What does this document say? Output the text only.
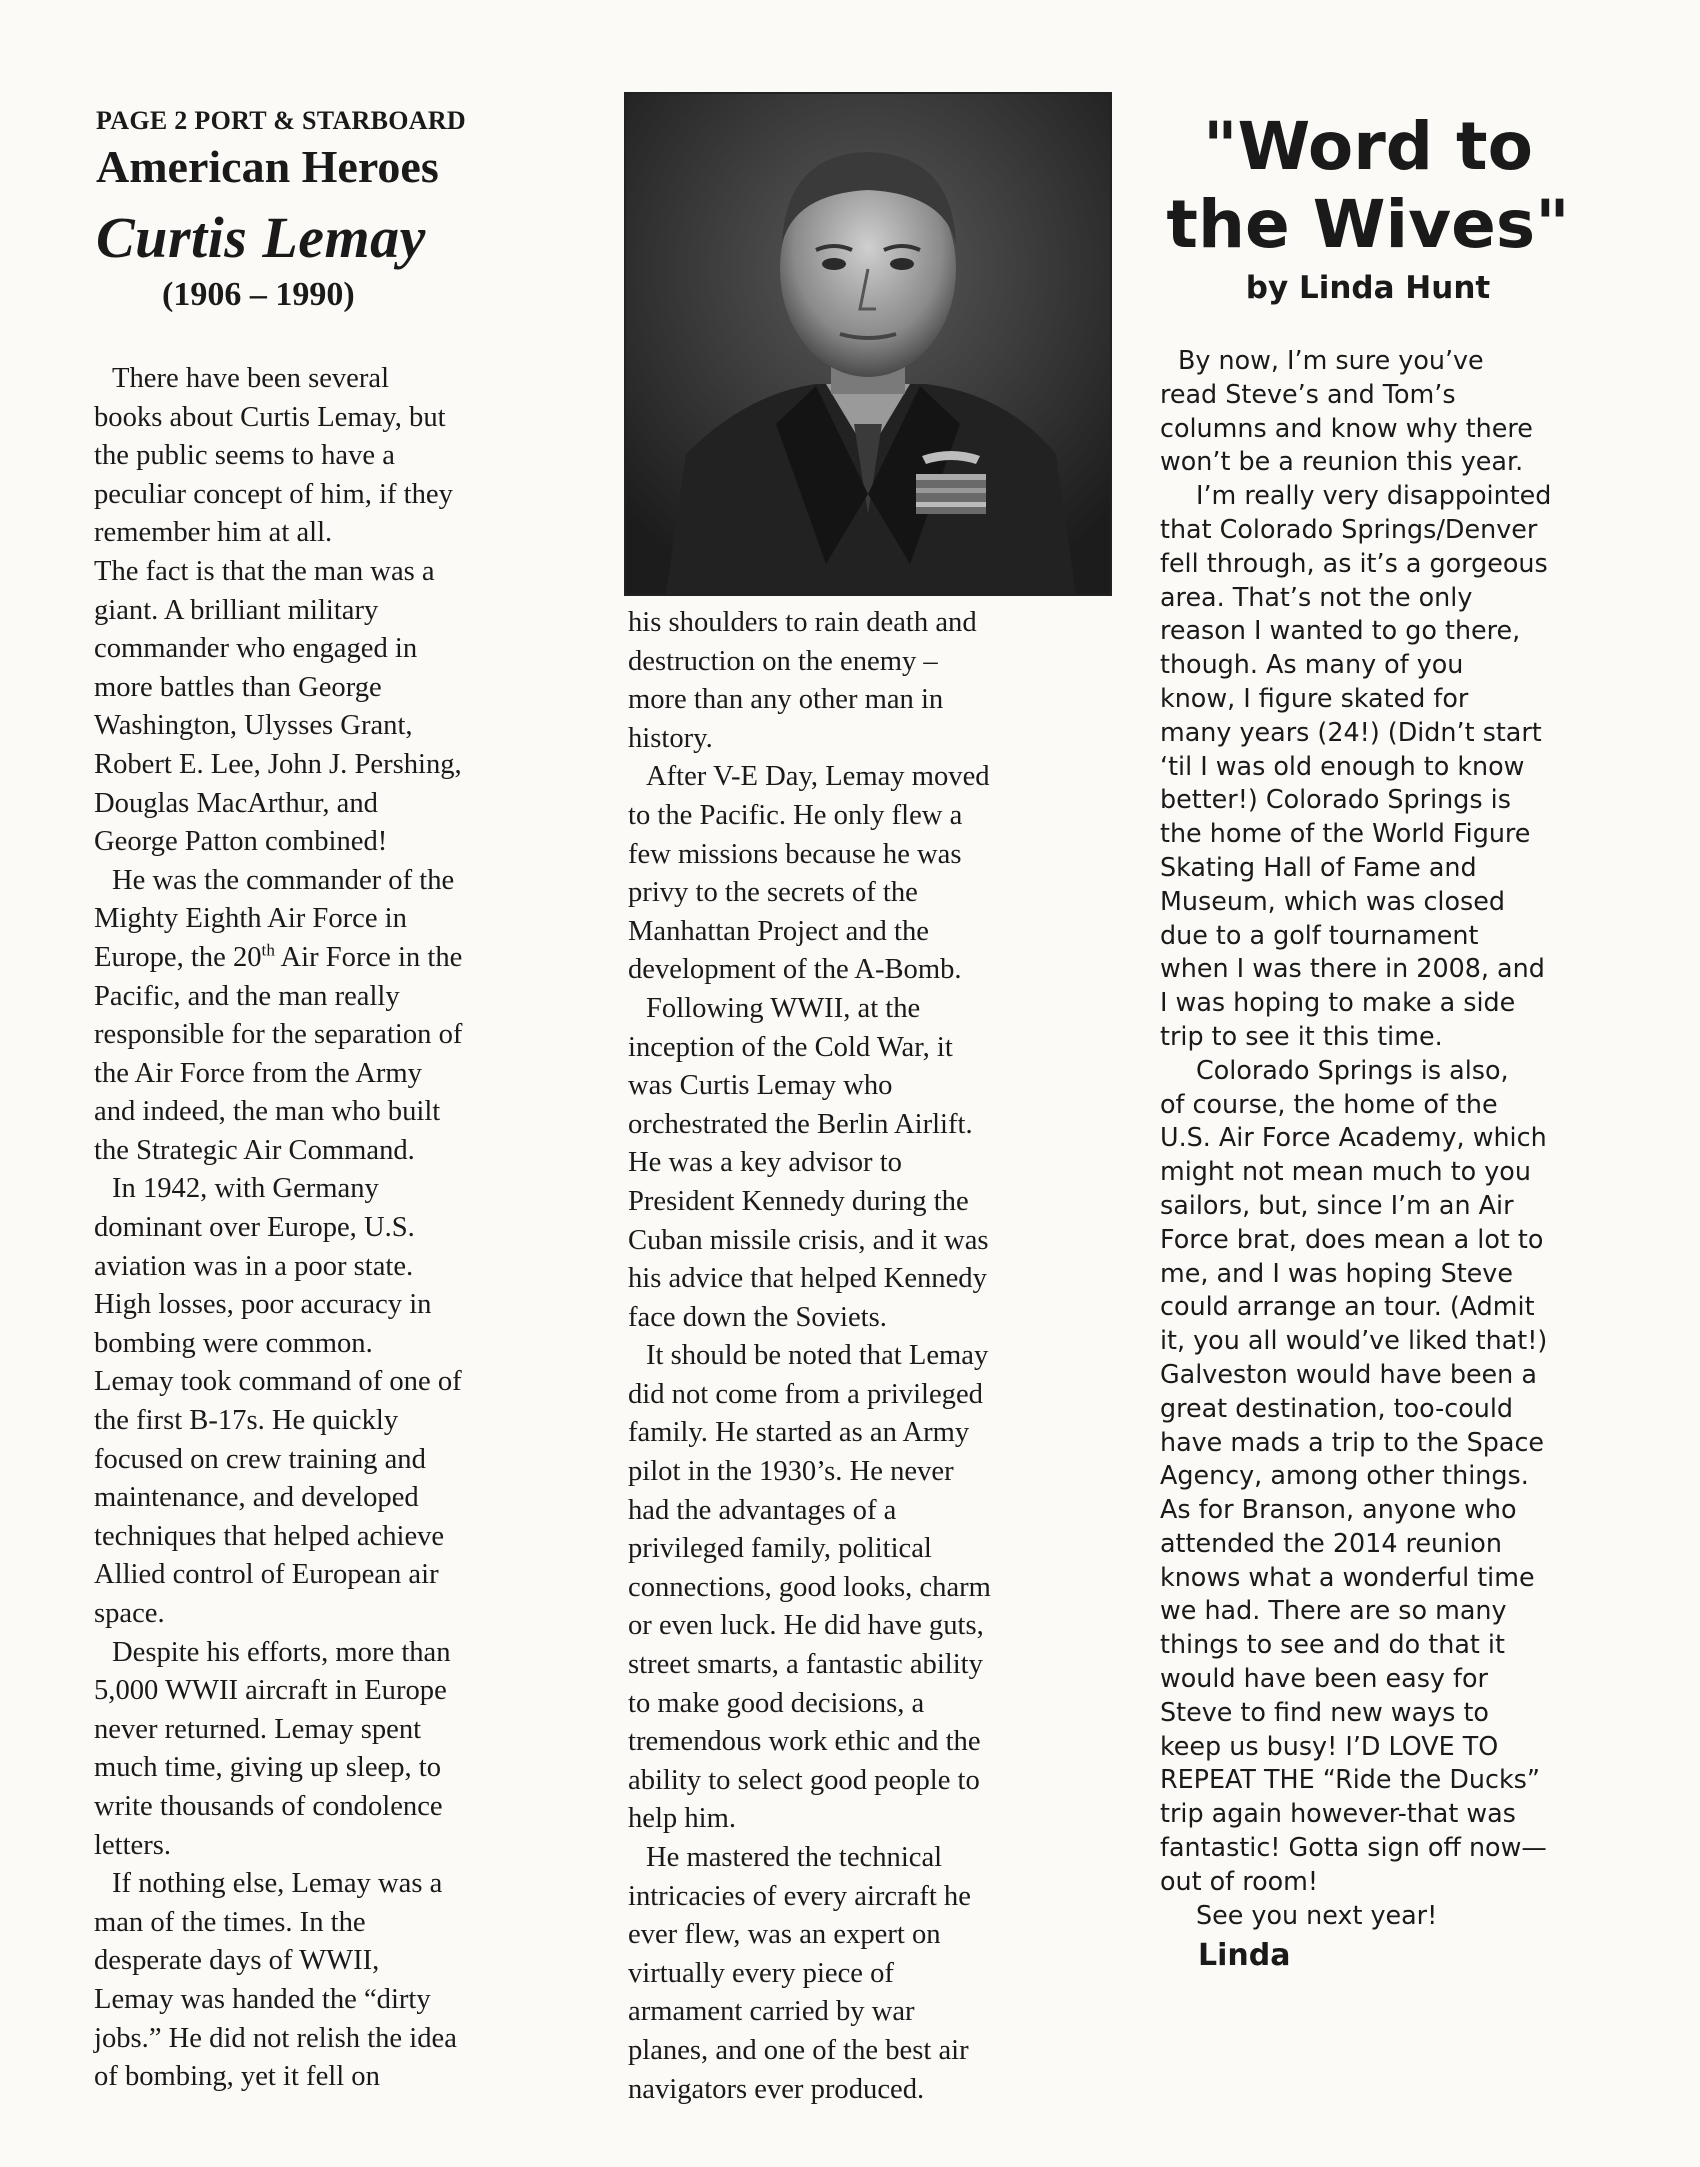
PAGE 2 PORT & STARBOARD
American Heroes
Curtis Lemay
(1906 – 1990)
There have been several
books about Curtis Lemay, but
the public seems to have a
peculiar concept of him, if they
remember him at all.
The fact is that the man was a
giant. A brilliant military
commander who engaged in
more battles than George
Washington, Ulysses Grant,
Robert E. Lee, John J. Pershing,
Douglas MacArthur, and
George Patton combined!
He was the commander of the
Mighty Eighth Air Force in
Europe, the 20th Air Force in the
Pacific, and the man really
responsible for the separation of
the Air Force from the Army
and indeed, the man who built
the Strategic Air Command.
In 1942, with Germany
dominant over Europe, U.S.
aviation was in a poor state.
High losses, poor accuracy in
bombing were common.
Lemay took command of one of
the first B-17s. He quickly
focused on crew training and
maintenance, and developed
techniques that helped achieve
Allied control of European air
space.
Despite his efforts, more than
5,000 WWII aircraft in Europe
never returned. Lemay spent
much time, giving up sleep, to
write thousands of condolence
letters.
If nothing else, Lemay was a
man of the times. In the
desperate days of WWII,
Lemay was handed the “dirty
jobs.” He did not relish the idea
of bombing, yet it fell on
his shoulders to rain death and
destruction on the enemy –
more than any other man in
history.
After V-E Day, Lemay moved
to the Pacific. He only flew a
few missions because he was
privy to the secrets of the
Manhattan Project and the
development of the A-Bomb.
Following WWII, at the
inception of the Cold War, it
was Curtis Lemay who
orchestrated the Berlin Airlift.
He was a key advisor to
President Kennedy during the
Cuban missile crisis, and it was
his advice that helped Kennedy
face down the Soviets.
It should be noted that Lemay
did not come from a privileged
family. He started as an Army
pilot in the 1930’s. He never
had the advantages of a
privileged family, political
connections, good looks, charm
or even luck. He did have guts,
street smarts, a fantastic ability
to make good decisions, a
tremendous work ethic and the
ability to select good people to
help him.
He mastered the technical
intricacies of every aircraft he
ever flew, was an expert on
virtually every piece of
armament carried by war
planes, and one of the best air
navigators ever produced.
"Word to
the Wives"
by Linda Hunt
By now, I’m sure you’ve
read Steve’s and Tom’s
columns and know why there
won’t be a reunion this year.
I’m really very disappointed
that Colorado Springs/Denver
fell through, as it’s a gorgeous
area. That’s not the only
reason I wanted to go there,
though. As many of you
know, I figure skated for
many years (24!) (Didn’t start
‘til I was old enough to know
better!) Colorado Springs is
the home of the World Figure
Skating Hall of Fame and
Museum, which was closed
due to a golf tournament
when I was there in 2008, and
I was hoping to make a side
trip to see it this time.
Colorado Springs is also,
of course, the home of the
U.S. Air Force Academy, which
might not mean much to you
sailors, but, since I’m an Air
Force brat, does mean a lot to
me, and I was hoping Steve
could arrange an tour. (Admit
it, you all would’ve liked that!)
Galveston would have been a
great destination, too-could
have mads a trip to the Space
Agency, among other things.
As for Branson, anyone who
attended the 2014 reunion
knows what a wonderful time
we had. There are so many
things to see and do that it
would have been easy for
Steve to find new ways to
keep us busy! I’D LOVE TO
REPEAT THE “Ride the Ducks”
trip again however-that was
fantastic! Gotta sign off now—
out of room!
See you next year!
Linda
